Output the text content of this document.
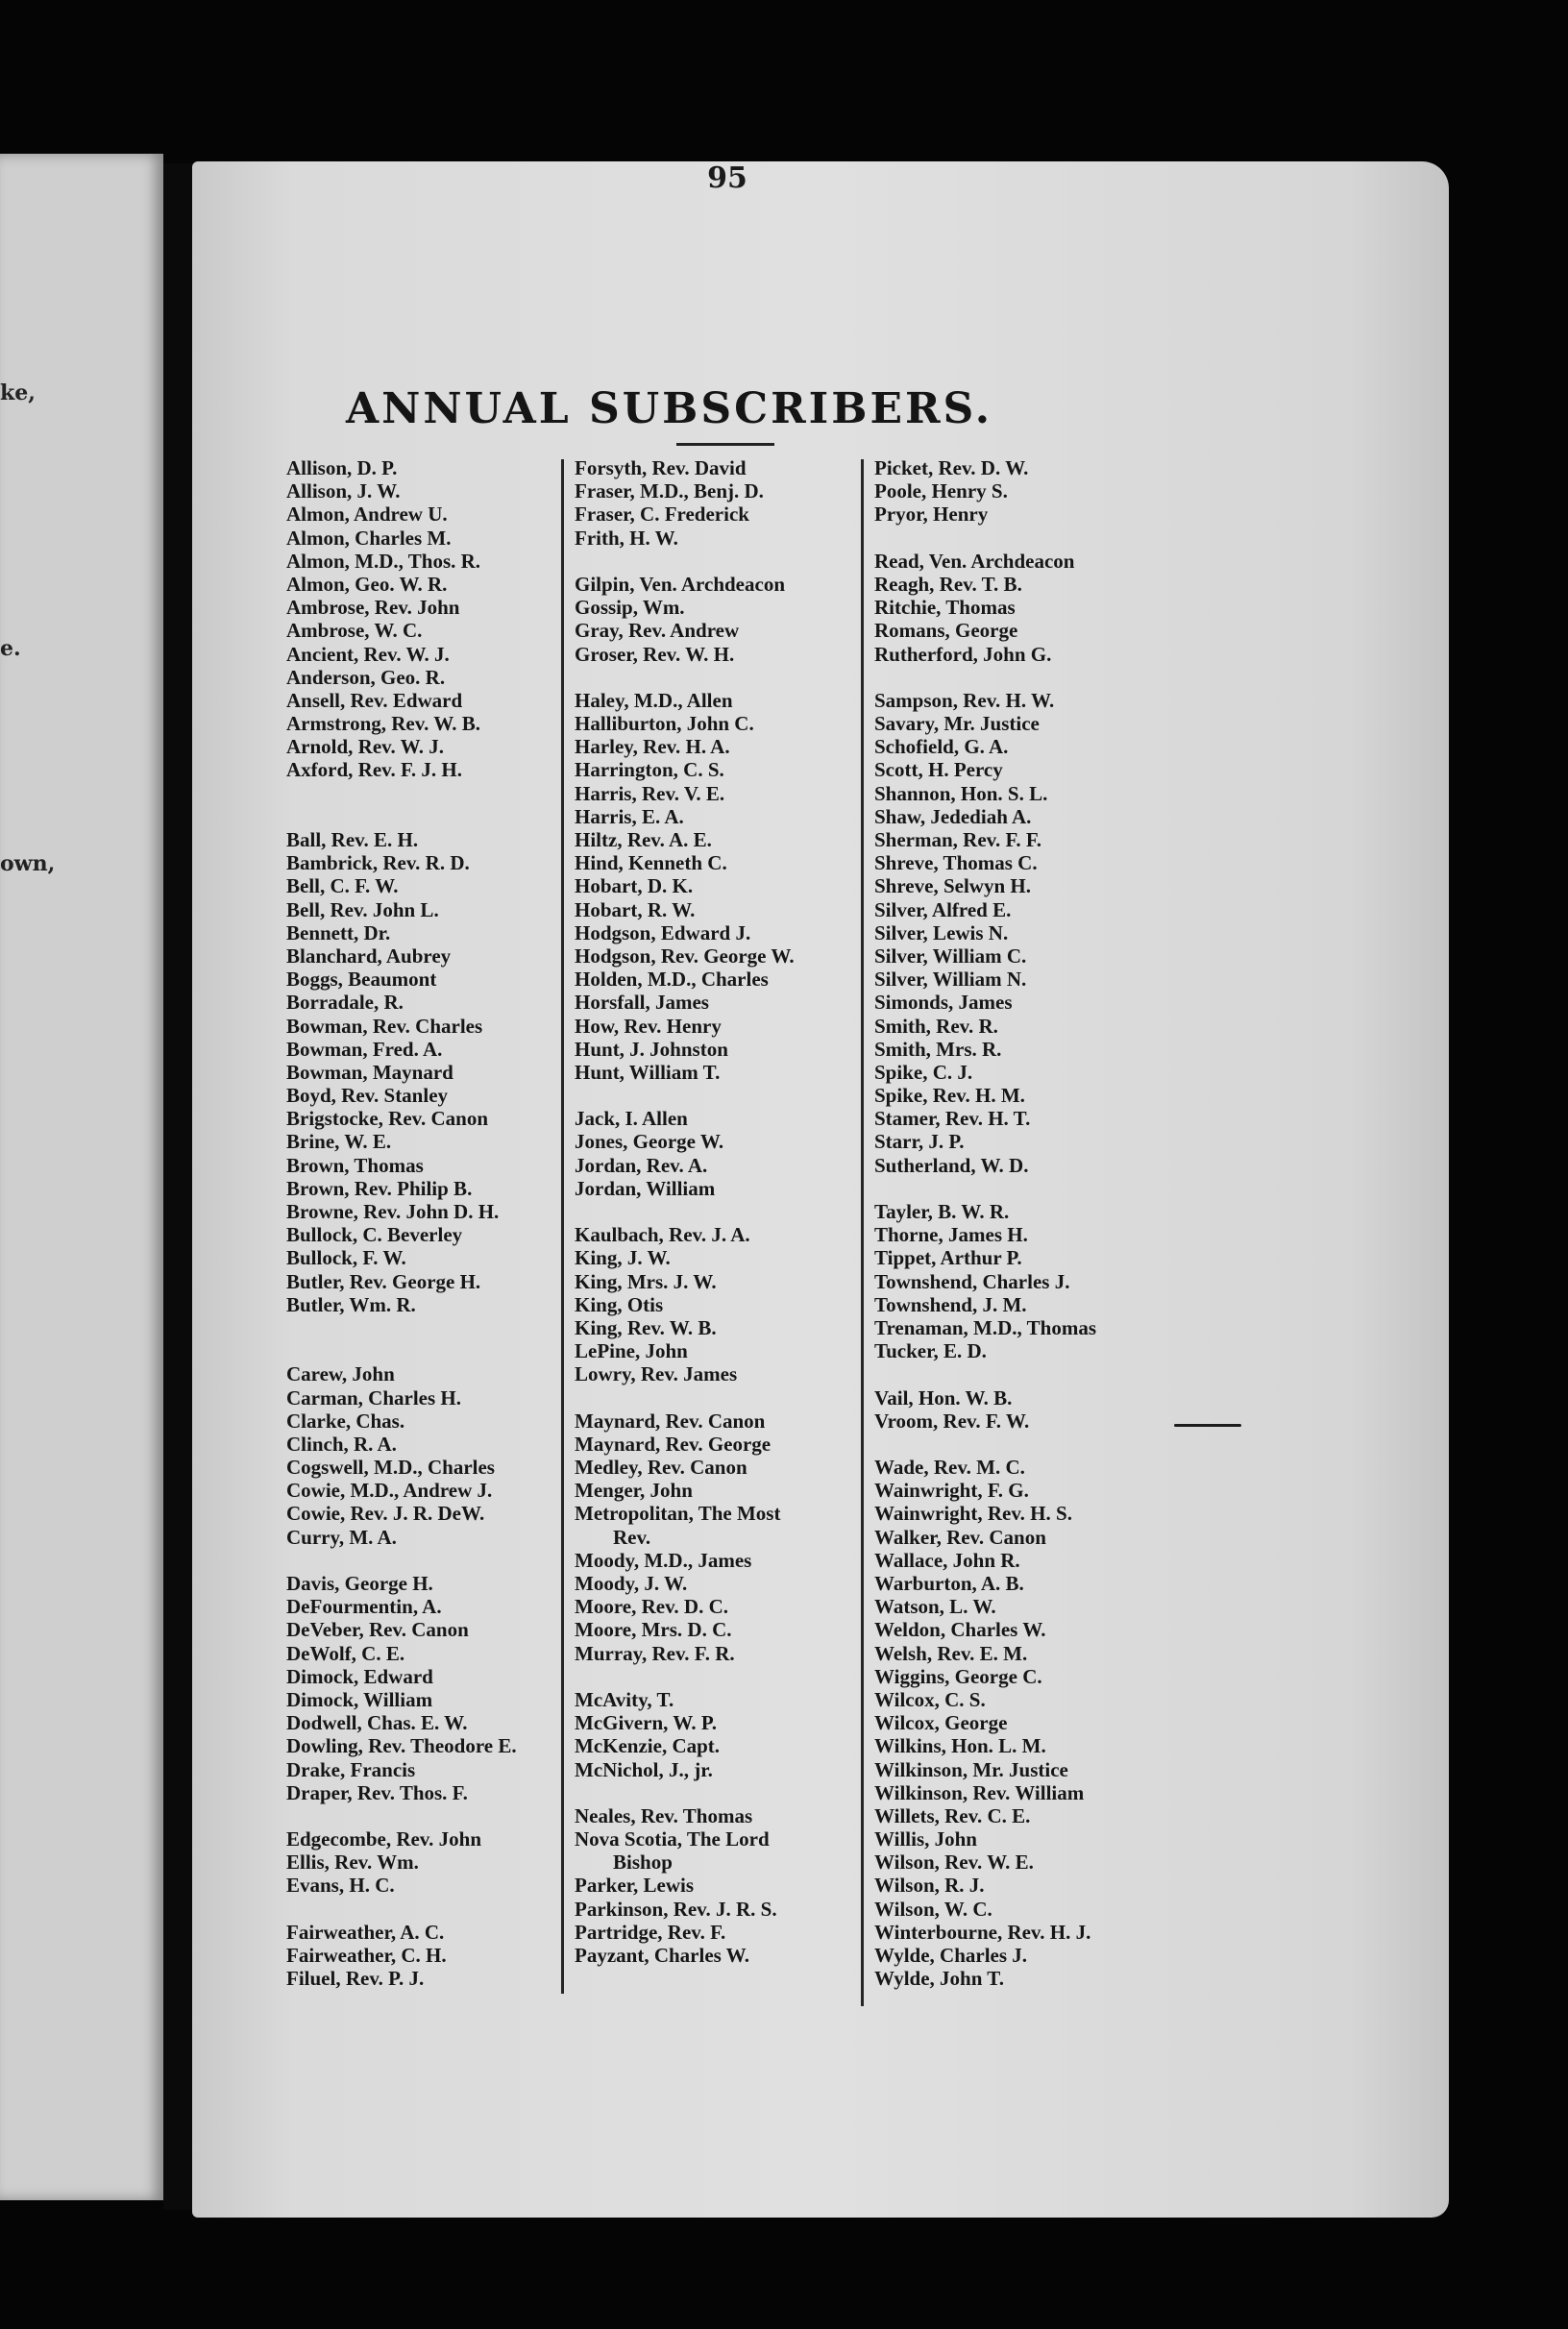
ke,
e.
own,
95
ANNUAL SUBSCRIBERS.
Allison, D. P.
Allison, J. W.
Almon, Andrew U.
Almon, Charles M.
Almon, M.D., Thos. R.
Almon, Geo. W. R.
Ambrose, Rev. John
Ambrose, W. C.
Ancient, Rev. W. J.
Anderson, Geo. R.
Ansell, Rev. Edward
Armstrong, Rev. W. B.
Arnold, Rev. W. J.
Axford, Rev. F. J. H.
Ball, Rev. E. H.
Bambrick, Rev. R. D.
Bell, C. F. W.
Bell, Rev. John L.
Bennett, Dr.
Blanchard, Aubrey
Boggs, Beaumont
Borradale, R.
Bowman, Rev. Charles
Bowman, Fred. A.
Bowman, Maynard
Boyd, Rev. Stanley
Brigstocke, Rev. Canon
Brine, W. E.
Brown, Thomas
Brown, Rev. Philip B.
Browne, Rev. John D. H.
Bullock, C. Beverley
Bullock, F. W.
Butler, Rev. George H.
Butler, Wm. R.
Carew, John
Carman, Charles H.
Clarke, Chas.
Clinch, R. A.
Cogswell, M.D., Charles
Cowie, M.D., Andrew J.
Cowie, Rev. J. R. DeW.
Curry, M. A.
Davis, George H.
DeFourmentin, A.
DeVeber, Rev. Canon
DeWolf, C. E.
Dimock, Edward
Dimock, William
Dodwell, Chas. E. W.
Dowling, Rev. Theodore E.
Drake, Francis
Draper, Rev. Thos. F.
Edgecombe, Rev. John
Ellis, Rev. Wm.
Evans, H. C.
Fairweather, A. C.
Fairweather, C. H.
Filuel, Rev. P. J.
Forsyth, Rev. David
Fraser, M.D., Benj. D.
Fraser, C. Frederick
Frith, H. W.
Gilpin, Ven. Archdeacon
Gossip, Wm.
Gray, Rev. Andrew
Groser, Rev. W. H.
Haley, M.D., Allen
Halliburton, John C.
Harley, Rev. H. A.
Harrington, C. S.
Harris, Rev. V. E.
Harris, E. A.
Hiltz, Rev. A. E.
Hind, Kenneth C.
Hobart, D. K.
Hobart, R. W.
Hodgson, Edward J.
Hodgson, Rev. George W.
Holden, M.D., Charles
Horsfall, James
How, Rev. Henry
Hunt, J. Johnston
Hunt, William T.
Jack, I. Allen
Jones, George W.
Jordan, Rev. A.
Jordan, William
Kaulbach, Rev. J. A.
King, J. W.
King, Mrs. J. W.
King, Otis
King, Rev. W. B.
LePine, John
Lowry, Rev. James
Maynard, Rev. Canon
Maynard, Rev. George
Medley, Rev. Canon
Menger, John
Metropolitan, The Most
Rev.
Moody, M.D., James
Moody, J. W.
Moore, Rev. D. C.
Moore, Mrs. D. C.
Murray, Rev. F. R.
McAvity, T.
McGivern, W. P.
McKenzie, Capt.
McNichol, J., jr.
Neales, Rev. Thomas
Nova Scotia, The Lord
Bishop
Parker, Lewis
Parkinson, Rev. J. R. S.
Partridge, Rev. F.
Payzant, Charles W.
Picket, Rev. D. W.
Poole, Henry S.
Pryor, Henry
Read, Ven. Archdeacon
Reagh, Rev. T. B.
Ritchie, Thomas
Romans, George
Rutherford, John G.
Sampson, Rev. H. W.
Savary, Mr. Justice
Schofield, G. A.
Scott, H. Percy
Shannon, Hon. S. L.
Shaw, Jedediah A.
Sherman, Rev. F. F.
Shreve, Thomas C.
Shreve, Selwyn H.
Silver, Alfred E.
Silver, Lewis N.
Silver, William C.
Silver, William N.
Simonds, James
Smith, Rev. R.
Smith, Mrs. R.
Spike, C. J.
Spike, Rev. H. M.
Stamer, Rev. H. T.
Starr, J. P.
Sutherland, W. D.
Tayler, B. W. R.
Thorne, James H.
Tippet, Arthur P.
Townshend, Charles J.
Townshend, J. M.
Trenaman, M.D., Thomas
Tucker, E. D.
Vail, Hon. W. B.
Vroom, Rev. F. W.
Wade, Rev. M. C.
Wainwright, F. G.
Wainwright, Rev. H. S.
Walker, Rev. Canon
Wallace, John R.
Warburton, A. B.
Watson, L. W.
Weldon, Charles W.
Welsh, Rev. E. M.
Wiggins, George C.
Wilcox, C. S.
Wilcox, George
Wilkins, Hon. L. M.
Wilkinson, Mr. Justice
Wilkinson, Rev. William
Willets, Rev. C. E.
Willis, John
Wilson, Rev. W. E.
Wilson, R. J.
Wilson, W. C.
Winterbourne, Rev. H. J.
Wylde, Charles J.
Wylde, John T.
